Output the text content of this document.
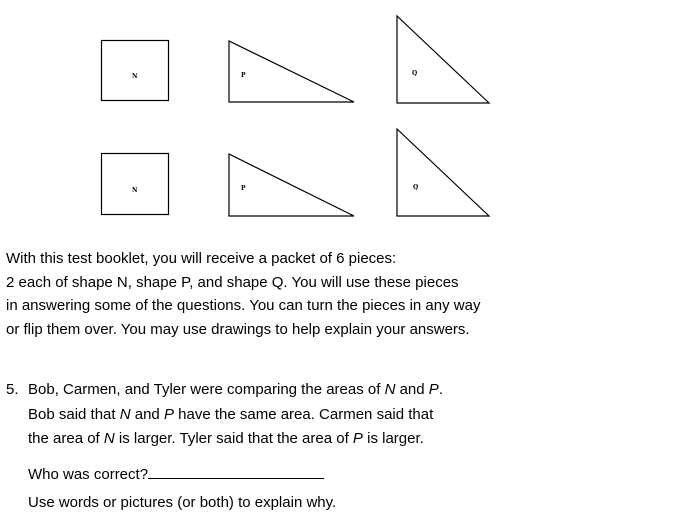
N	P	Q
N	P	Q

With this test booklet, you will receive a packet of 6 pieces:
2 each of shape N, shape P, and shape Q. You will use these pieces
in answering some of the questions. You can turn the pieces in any way
or flip them over. You may use drawings to help explain your answers.

5. Bob, Carmen, and Tyler were comparing the areas of N and P.
Bob said that N and P have the same area. Carmen said that
the area of N is larger. Tyler said that the area of P is larger.
Who was correct?
Use words or pictures (or both) to explain why.
